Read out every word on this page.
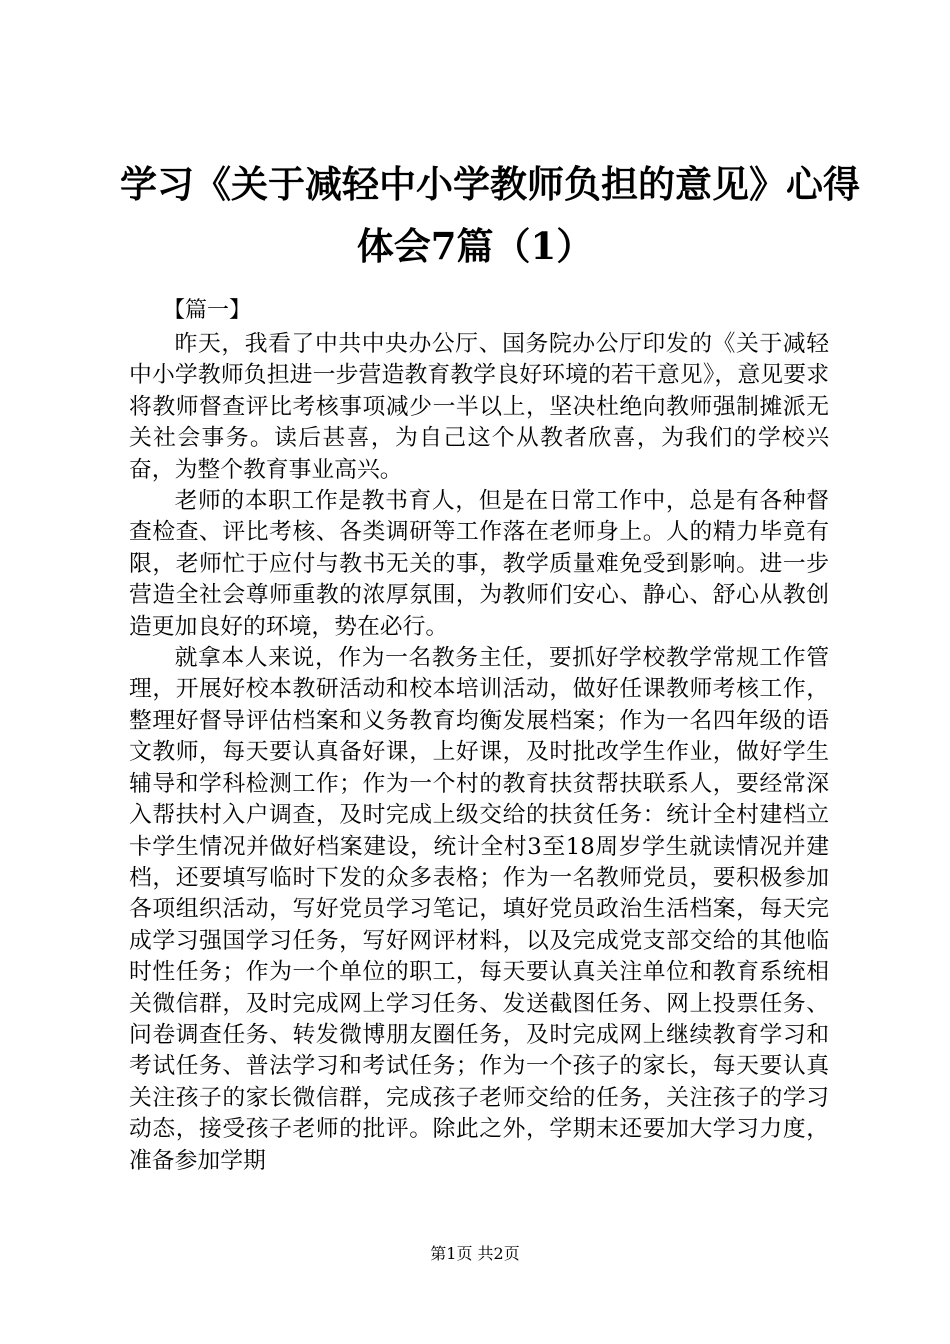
学习《关于减轻中小学教师负担的意见》心得
体会7篇（1）
【篇一】

昨天，我看了中共中央办公厅、国务院办公厅印发的《关于减轻中小学教师负担进一步营造教育教学良好环境的若干意见》，意见要求将教师督查评比考核事项减少一半以上，坚决杜绝向教师强制摊派无关社会事务。读后甚喜，为自己这个从教者欣喜，为我们的学校兴奋，为整个教育事业高兴。

老师的本职工作是教书育人，但是在日常工作中，总是有各种督查检查、评比考核、各类调研等工作落在老师身上。人的精力毕竟有限，老师忙于应付与教书无关的事，教学质量难免受到影响。进一步营造全社会尊师重教的浓厚氛围，为教师们安心、静心、舒心从教创造更加良好的环境，势在必行。

就拿本人来说，作为一名教务主任，要抓好学校教学常规工作管理，开展好校本教研活动和校本培训活动，做好任课教师考核工作，整理好督导评估档案和义务教育均衡发展档案；作为一名四年级的语文教师，每天要认真备好课，上好课，及时批改学生作业，做好学生辅导和学科检测工作；作为一个村的教育扶贫帮扶联系人，要经常深入帮扶村入户调查，及时完成上级交给的扶贫任务：统计全村建档立卡学生情况并做好档案建设，统计全村3至18周岁学生就读情况并建档，还要填写临时下发的众多表格；作为一名教师党员，要积极参加各项组织活动，写好党员学习笔记，填好党员政治生活档案，每天完成学习强国学习任务，写好网评材料，以及完成党支部交给的其他临时性任务；作为一个单位的职工，每天要认真关注单位和教育系统相关微信群，及时完成网上学习任务、发送截图任务、网上投票任务、问卷调查任务、转发微博朋友圈任务，及时完成网上继续教育学习和考试任务、普法学习和考试任务；作为一个孩子的家长，每天要认真关注孩子的家长微信群，完成孩子老师交给的任务，关注孩子的学习动态，接受孩子老师的批评。除此之外，学期末还要加大学习力度，准备参加学期

第1页 共2页
